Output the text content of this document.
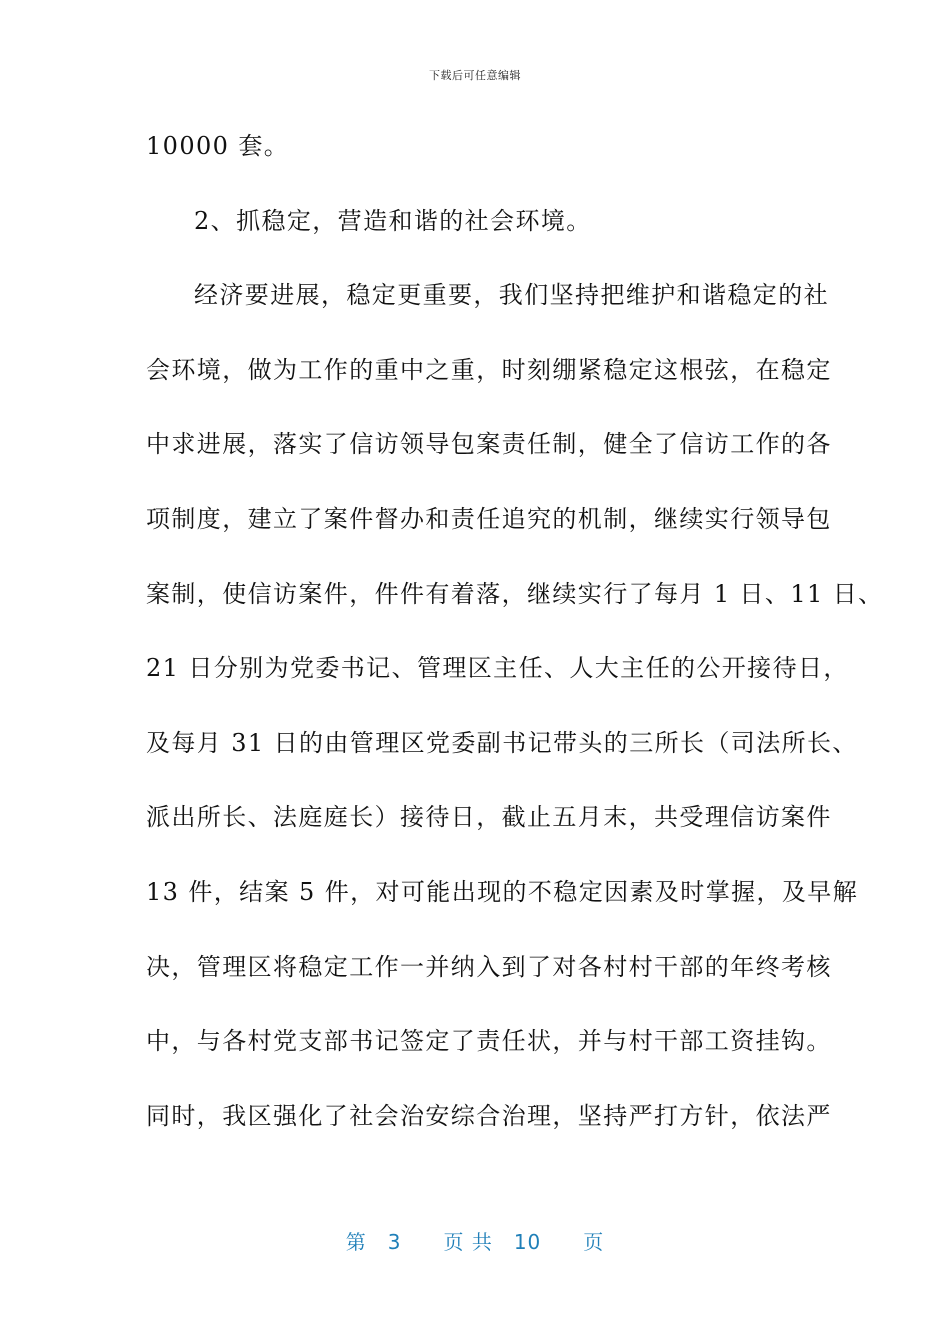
下载后可任意编辑
10000 套。
2、抓稳定，营造和谐的社会环境。
经济要进展，稳定更重要，我们坚持把维护和谐稳定的社
会环境，做为工作的重中之重，时刻绷紧稳定这根弦，在稳定
中求进展，落实了信访领导包案责任制，健全了信访工作的各
项制度，建立了案件督办和责任追究的机制，继续实行领导包
案制，使信访案件，件件有着落，继续实行了每月 1 日、11 日、
21 日分别为党委书记、管理区主任、人大主任的公开接待日，
及每月 31 日的由管理区党委副书记带头的三所长（司法所长、
派出所长、法庭庭长）接待日，截止五月末，共受理信访案件
13 件，结案 5 件，对可能出现的不稳定因素及时掌握，及早解
决，管理区将稳定工作一并纳入到了对各村村干部的年终考核
中，与各村党支部书记签定了责任状，并与村干部工资挂钩。
同时，我区强化了社会治安综合治理，坚持严打方针，依法严
第　3　　页 共　10　　页
